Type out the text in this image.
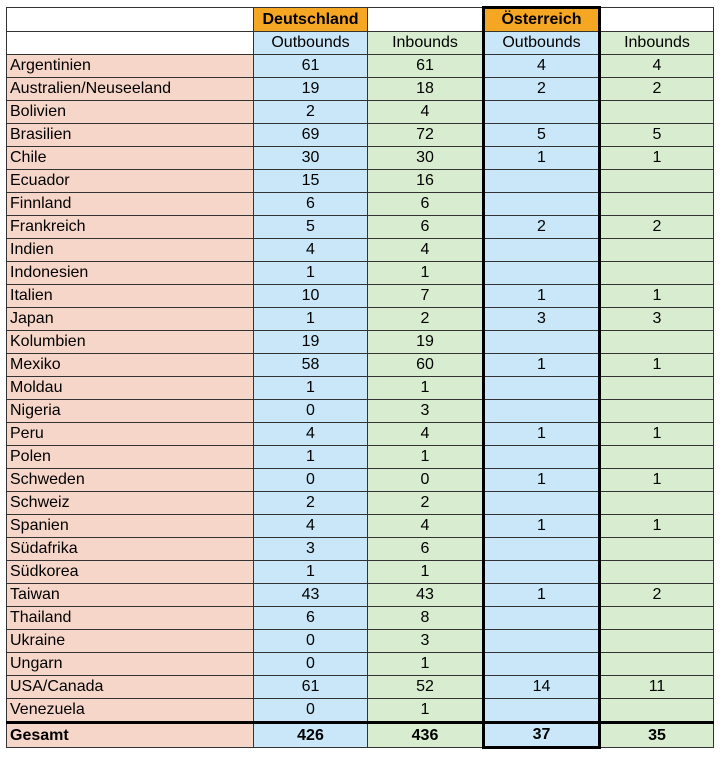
	Deutschland		Österreich	
	Outbounds	Inbounds	Outbounds	Inbounds
Argentinien	61	61	4	4
Australien/Neuseeland	19	18	2	2
Bolivien	2	4		
Brasilien	69	72	5	5
Chile	30	30	1	1
Ecuador	15	16		
Finnland	6	6		
Frankreich	5	6	2	2
Indien	4	4		
Indonesien	1	1		
Italien	10	7	1	1
Japan	1	2	3	3
Kolumbien	19	19		
Mexiko	58	60	1	1
Moldau	1	1		
Nigeria	0	3		
Peru	4	4	1	1
Polen	1	1		
Schweden	0	0	1	1
Schweiz	2	2		
Spanien	4	4	1	1
Südafrika	3	6		
Südkorea	1	1		
Taiwan	43	43	1	2
Thailand	6	8		
Ukraine	0	3		
Ungarn	0	1		
USA/Canada	61	52	14	11
Venezuela	0	1		
Gesamt	426	436	37	35
